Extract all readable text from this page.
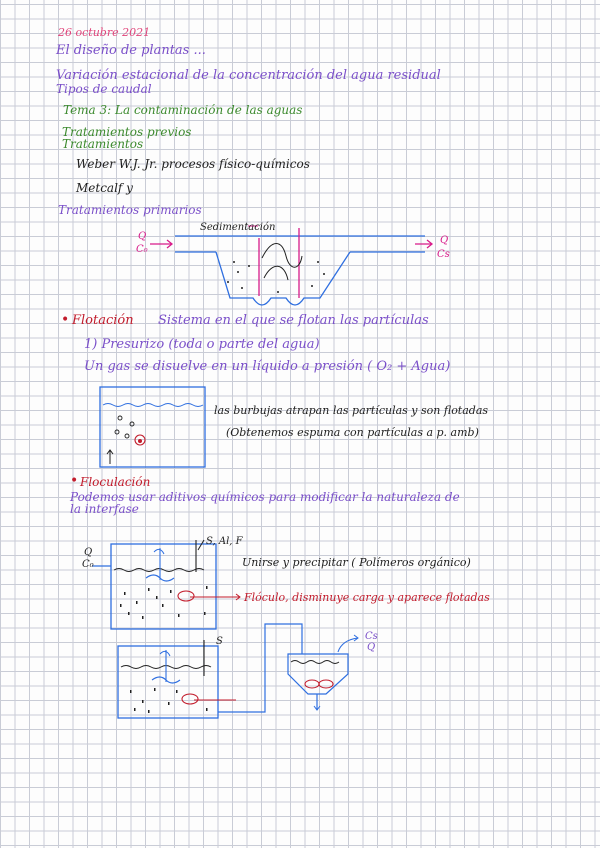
26 octubre 2021
El diseño de plantas ...
Variación estacional de la concentración del agua residual
Tipos de caudal
Tema 3: La contaminación de las aguas
Tratamientos previos
Tratamientos
Weber W.J. Jr. procesos físico-químicos
Metcalf y
Tratamientos primarios
Sedimentación
Q
C₀
Q
Cs
• Flotación Sistema en el que se flotan las partículas
1) Presurizo (toda o parte del agua)
Un gas se disuelve en un líquido a presión ( O₂ + Agua)
las burbujas atrapan las partículas y son flotadas
(Obtenemos espuma con partículas a p. amb)
• Floculación
Podemos usar aditivos químicos para modificar la naturaleza de
la interfase
Q
C₀
S, Al, F
Unirse y precipitar ( Polímeros orgánico)
Flóculo, disminuye carga y aparece flotadas
S	Cs
Q
